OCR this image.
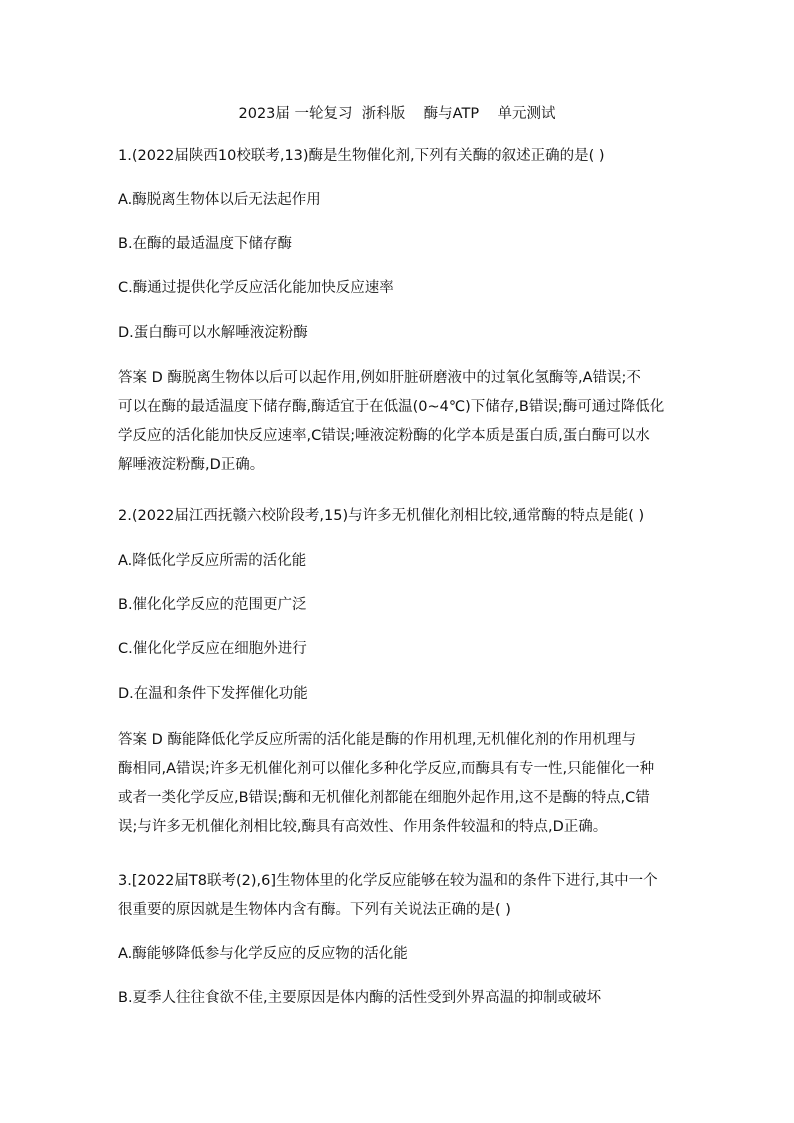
2023届 一轮复习  浙科版    酶与ATP    单元测试
1.(2022届陕西10校联考,13)酶是生物催化剂,下列有关酶的叙述正确的是( )
A.酶脱离生物体以后无法起作用
B.在酶的最适温度下储存酶
C.酶通过提供化学反应活化能加快反应速率
D.蛋白酶可以水解唾液淀粉酶
答案 D 酶脱离生物体以后可以起作用,例如肝脏研磨液中的过氧化氢酶等,A错误;不
可以在酶的最适温度下储存酶,酶适宜于在低温(0~4℃)下储存,B错误;酶可通过降低化
学反应的活化能加快反应速率,C错误;唾液淀粉酶的化学本质是蛋白质,蛋白酶可以水
解唾液淀粉酶,D正确。
2.(2022届江西抚赣六校阶段考,15)与许多无机催化剂相比较,通常酶的特点是能( )
A.降低化学反应所需的活化能
B.催化化学反应的范围更广泛
C.催化化学反应在细胞外进行
D.在温和条件下发挥催化功能
答案 D 酶能降低化学反应所需的活化能是酶的作用机理,无机催化剂的作用机理与
酶相同,A错误;许多无机催化剂可以催化多种化学反应,而酶具有专一性,只能催化一种
或者一类化学反应,B错误;酶和无机催化剂都能在细胞外起作用,这不是酶的特点,C错
误;与许多无机催化剂相比较,酶具有高效性、作用条件较温和的特点,D正确。
3.[2022届T8联考(2),6]生物体里的化学反应能够在较为温和的条件下进行,其中一个
很重要的原因就是生物体内含有酶。下列有关说法正确的是( )
A.酶能够降低参与化学反应的反应物的活化能
B.夏季人往往食欲不佳,主要原因是体内酶的活性受到外界高温的抑制或破坏
